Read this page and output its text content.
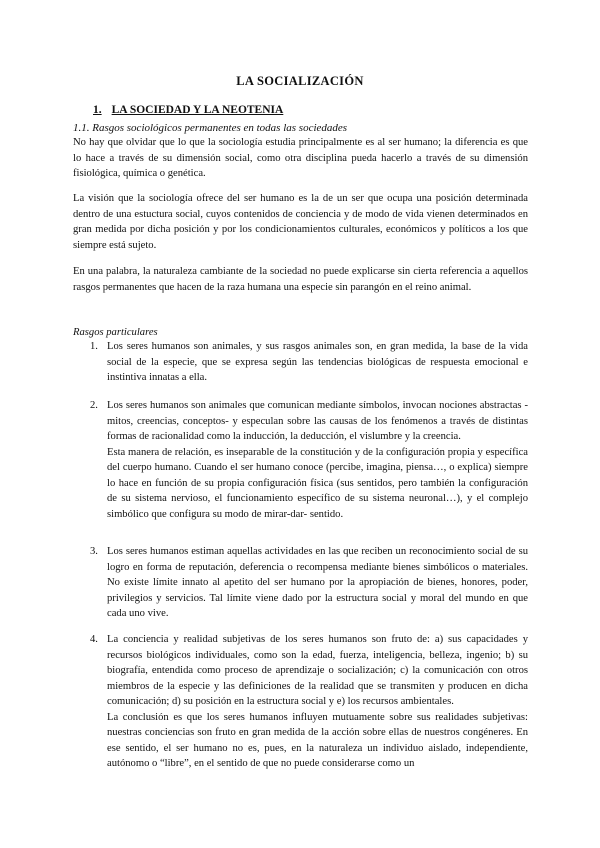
LA SOCIALIZACIÓN
1. LA SOCIEDAD Y LA NEOTENIA
1.1. Rasgos sociológicos permanentes en todas las sociedades
No hay que olvidar que lo que la sociología estudia principalmente es al ser humano; la diferencia es que lo hace a través de su dimensión social, como otra disciplina pueda hacerlo a través de su dimensión fisiológica, química o genética.
La visión que la sociología ofrece del ser humano es la de un ser que ocupa una posición determinada dentro de una estuctura social, cuyos contenidos de conciencia y de modo de vida vienen determinados en gran medida por dicha posición y por los condicionamientos culturales, económicos y políticos a los que siempre está sujeto.
En una palabra, la naturaleza cambiante de la sociedad no puede explicarse sin cierta referencia a aquellos rasgos permanentes que hacen de la raza humana una especie sin parangón en el reino animal.
Rasgos particulares
1. Los seres humanos son animales, y sus rasgos animales son, en gran medida, la base de la vida social de la especie, que se expresa según las tendencias biológicas de respuesta emocional e instintiva innatas a ella.

2. Los seres humanos son animales que comunican mediante símbolos, invocan nociones abstractas -mitos, creencias, conceptos- y especulan sobre las causas de los fenómenos a través de distintas formas de racionalidad como la inducción, la deducción, el vislumbre y la creencia.

Esta manera de relación, es inseparable de la constitución y de la configuración propia y específica del cuerpo humano. Cuando el ser humano conoce (percibe, imagina, piensa…, o explica) siempre lo hace en función de su propia configuración física (sus sentidos, pero también la configuración de su sistema nervioso, el funcionamiento específico de su sistema neuronal…), y el complejo simbólico que configura su modo de mirar-dar- sentido.

3. Los seres humanos estiman aquellas actividades en las que reciben un reconocimiento social de su logro en forma de reputación, deferencia o recompensa mediante bienes simbólicos o materiales. No existe límite innato al apetito del ser humano por la apropiación de bienes, honores, poder, privilegios y servicios. Tal límite viene dado por la estructura social y moral del mundo en que cada uno vive.

4. La conciencia y realidad subjetivas de los seres humanos son fruto de: a) sus capacidades y recursos biológicos individuales, como son la edad, fuerza, inteligencia, belleza, ingenio; b) su biografía, entendida como proceso de aprendizaje o socialización; c) la comunicación con otros miembros de la especie y las definiciones de la realidad que se transmiten y producen en dicha comunicación; d) su posición en la estructura social y e) los recursos ambientales.

La conclusión es que los seres humanos influyen mutuamente sobre sus realidades subjetivas: nuestras conciencias son fruto en gran medida de la acción sobre ellas de nuestros congéneres. En ese sentido, el ser humano no es, pues, en la naturaleza un individuo aislado, independiente, autónomo o “libre”, en el sentido de que no puede considerarse como un
